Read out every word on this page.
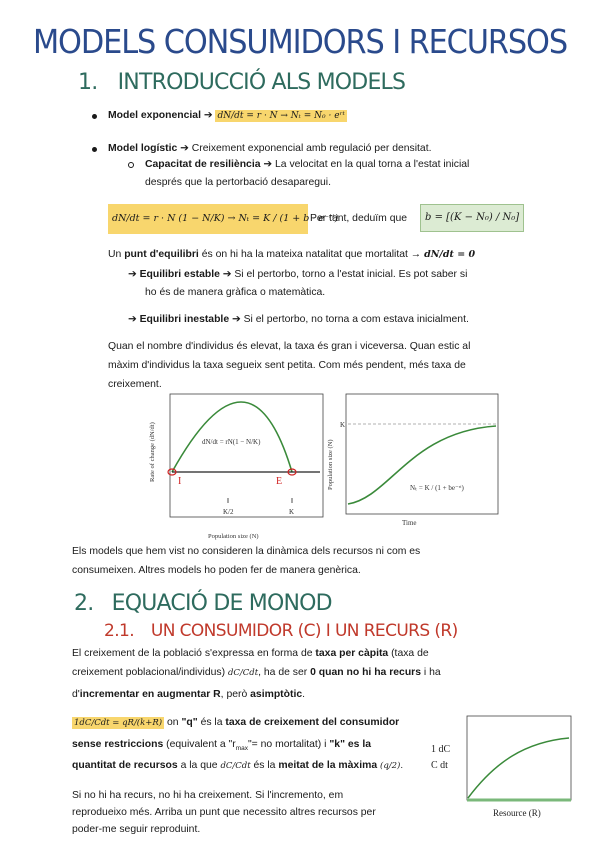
MODELS CONSUMIDORS I RECURSOS
1. INTRODUCCIÓ ALS MODELS
Model exponencial ➔ dN/dt = r · N → Nₜ = N₀ · eʳᵗ
Model logístic ➔ Creixement exponencial amb regulació per densitat.
Capacitat de resiliència ➔ La velocitat en la qual torna a l'estat inicial
després que la pertorbació desaparegui.
dN/dt = r · N (1 − N/K) → Nₜ = K / (1 + b · e⁻ʳᵗ)
Per tant, deduïm que	b = [(K − N₀) / N₀]
Un punt d'equilibri és on hi ha la mateixa natalitat que mortalitat → dN/dt = 0
➔ Equilibri estable ➔ Si el pertorbo, torno a l'estat inicial. Es pot saber si
ho és de manera gràfica o matemàtica.
➔ Equilibri inestable ➔ Si el pertorbo, no torna a com estava inicialment.
Quan el nombre d'individus és elevat, la taxa és gran i viceversa. Quan estic al
màxim d'individus la taxa segueix sent petita. Com més pendent, més taxa de
creixement.
I	E
dN/dt = rN(1 − N/K)
K/2	K
Population size (N)
Rate of change (dN/dt)	K
Nₜ = K / (1 + be⁻ʳᵗ)
Time
Population size (N)
Els models que hem vist no consideren la dinàmica dels recursos ni com es
consumeixen. Altres models ho poden fer de manera genèrica.
2. EQUACIÓ DE MONOD
2.1. UN CONSUMIDOR (C) I UN RECURS (R)
El creixement de la població s'expressa en forma de taxa per càpita (taxa de
creixement poblacional/individus) dC/Cdt, ha de ser 0 quan no hi ha recurs i ha
d'incrementar en augmentar R, però asimptòtic.
1dC/Cdt = qR/(k+R) on "q" és la taxa de creixement del consumidor
sense restriccions (equivalent a "$r_{max}"=$ no mortalitat) i "k" es la
quantitat de recursos a la que dC/Cdt és la meitat de la màxima (q/2).
Si no hi ha recurs, no hi ha creixement. Si l'incremento, em
reprodueixo més. Arriba un punt que necessito altres recursos per
poder-me seguir reproduint.
1 dC
C dt
Resource (R)
